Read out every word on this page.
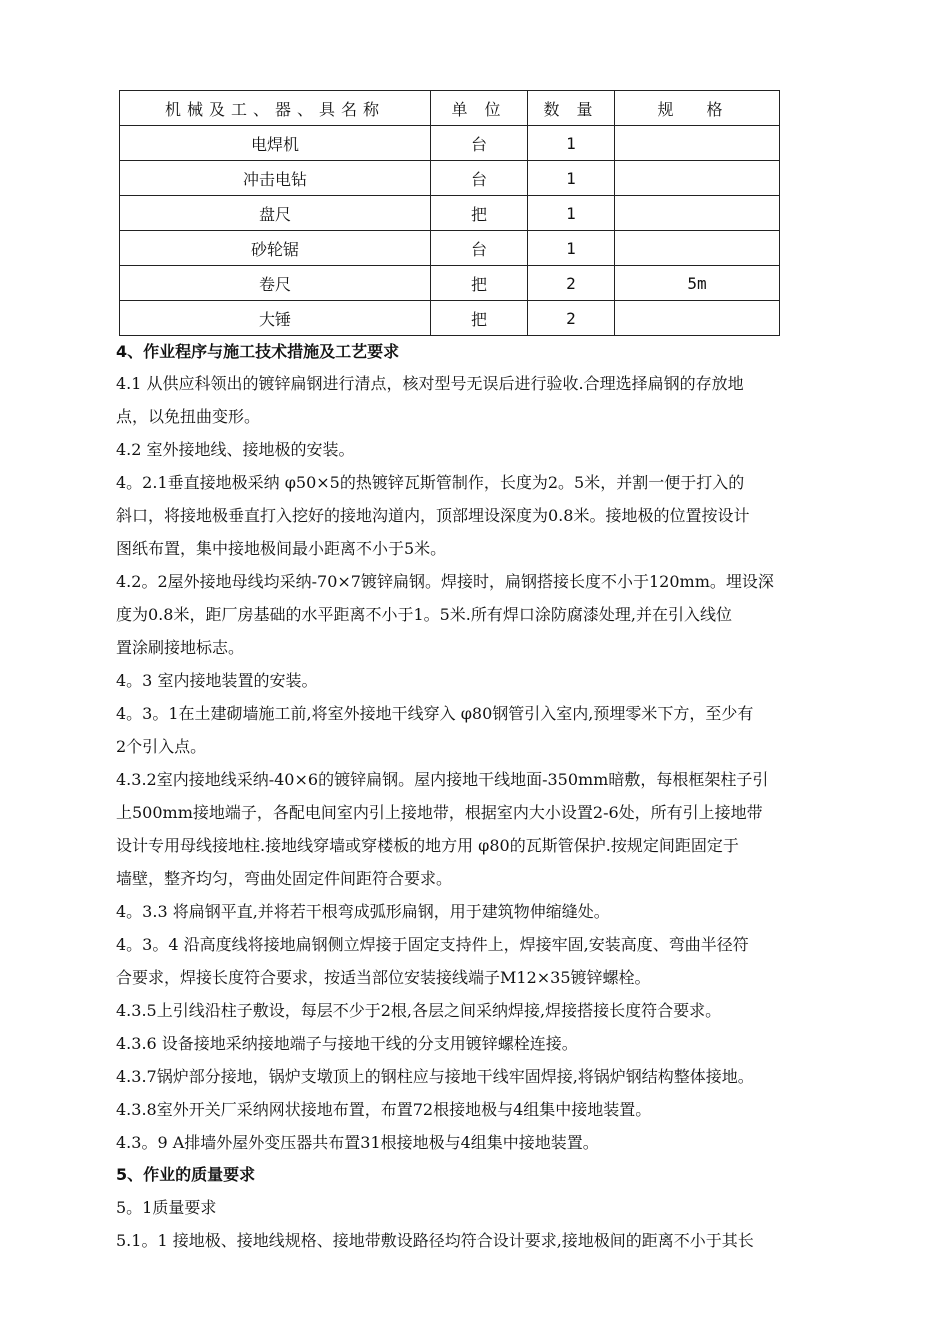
机械及工、器、具名称	单 位	数 量	规 格
电焊机	台	1	
冲击电钻	台	1	
盘尺	把	1	
砂轮锯	台	1	
卷尺	把	2	5m
大锤	把	2	
4、作业程序与施工技术措施及工艺要求
4.1 从供应科领出的镀锌扁钢进行清点，核对型号无误后进行验收.合理选择扁钢的存放地
点，以免扭曲变形。
4.2 室外接地线、接地极的安装。
4。2.1垂直接地极采纳 φ50×5的热镀锌瓦斯管制作，长度为2。5米，并割一便于打入的
斜口，将接地极垂直打入挖好的接地沟道内，顶部埋设深度为0.8米。接地极的位置按设计
图纸布置，集中接地极间最小距离不小于5米。
4.2。2屋外接地母线均采纳-70×7镀锌扁钢。焊接时，扁钢搭接长度不小于120mm。埋设深
度为0.8米，距厂房基础的水平距离不小于1。5米.所有焊口涂防腐漆处理,并在引入线位
置涂刷接地标志。
4。3 室内接地装置的安装。
4。3。1在土建砌墙施工前,将室外接地干线穿入 φ80钢管引入室内,预埋零米下方，至少有
2个引入点。
4.3.2室内接地线采纳-40×6的镀锌扁钢。屋内接地干线地面-350mm暗敷，每根框架柱子引
上500mm接地端子，各配电间室内引上接地带，根据室内大小设置2-6处，所有引上接地带
设计专用母线接地柱.接地线穿墙或穿楼板的地方用 φ80的瓦斯管保护.按规定间距固定于
墙壁，整齐均匀，弯曲处固定件间距符合要求。
4。3.3 将扁钢平直,并将若干根弯成弧形扁钢，用于建筑物伸缩缝处。
4。3。4 沿高度线将接地扁钢侧立焊接于固定支持件上，焊接牢固,安装高度、弯曲半径符
合要求，焊接长度符合要求，按适当部位安装接线端子M12×35镀锌螺栓。
4.3.5上引线沿柱子敷设，每层不少于2根,各层之间采纳焊接,焊接搭接长度符合要求。
4.3.6 设备接地采纳接地端子与接地干线的分支用镀锌螺栓连接。
4.3.7锅炉部分接地，锅炉支墩顶上的钢柱应与接地干线牢固焊接,将锅炉钢结构整体接地。
4.3.8室外开关厂采纳网状接地布置，布置72根接地极与4组集中接地装置。
4.3。9 A排墙外屋外变压器共布置31根接地极与4组集中接地装置。
5、作业的质量要求
5。1质量要求
5.1。1 接地极、接地线规格、接地带敷设路径均符合设计要求,接地极间的距离不小于其长
